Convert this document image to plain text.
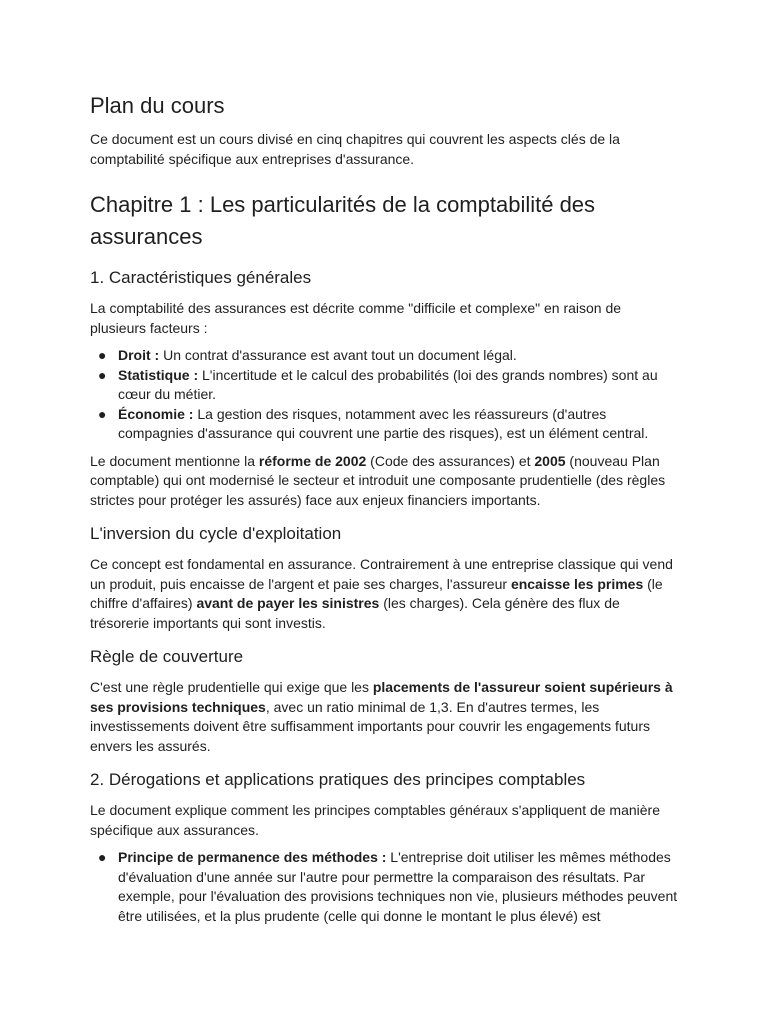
Plan du cours

Ce document est un cours divisé en cinq chapitres qui couvrent les aspects clés de la comptabilité spécifique aux entreprises d'assurance.

Chapitre 1 : Les particularités de la comptabilité des assurances
1. Caractéristiques générales

La comptabilité des assurances est décrite comme "difficile et complexe" en raison de plusieurs facteurs :

● Droit : Un contrat d'assurance est avant tout un document légal.
● Statistique : L'incertitude et le calcul des probabilités (loi des grands nombres) sont au cœur du métier.
● Économie : La gestion des risques, notamment avec les réassureurs (d'autres compagnies d'assurance qui couvrent une partie des risques), est un élément central.

Le document mentionne la réforme de 2002 (Code des assurances) et 2005 (nouveau Plan comptable) qui ont modernisé le secteur et introduit une composante prudentielle (des règles strictes pour protéger les assurés) face aux enjeux financiers importants.

L'inversion du cycle d'exploitation

Ce concept est fondamental en assurance. Contrairement à une entreprise classique qui vend un produit, puis encaisse de l'argent et paie ses charges, l'assureur encaisse les primes (le chiffre d'affaires) avant de payer les sinistres (les charges). Cela génère des flux de trésorerie importants qui sont investis.

Règle de couverture

C'est une règle prudentielle qui exige que les placements de l'assureur soient supérieurs à ses provisions techniques, avec un ratio minimal de 1,3. En d'autres termes, les investissements doivent être suffisamment importants pour couvrir les engagements futurs envers les assurés.

2. Dérogations et applications pratiques des principes comptables

Le document explique comment les principes comptables généraux s'appliquent de manière spécifique aux assurances.

● Principe de permanence des méthodes : L'entreprise doit utiliser les mêmes méthodes d'évaluation d'une année sur l'autre pour permettre la comparaison des résultats. Par exemple, pour l'évaluation des provisions techniques non vie, plusieurs méthodes peuvent être utilisées, et la plus prudente (celle qui donne le montant le plus élevé) est
